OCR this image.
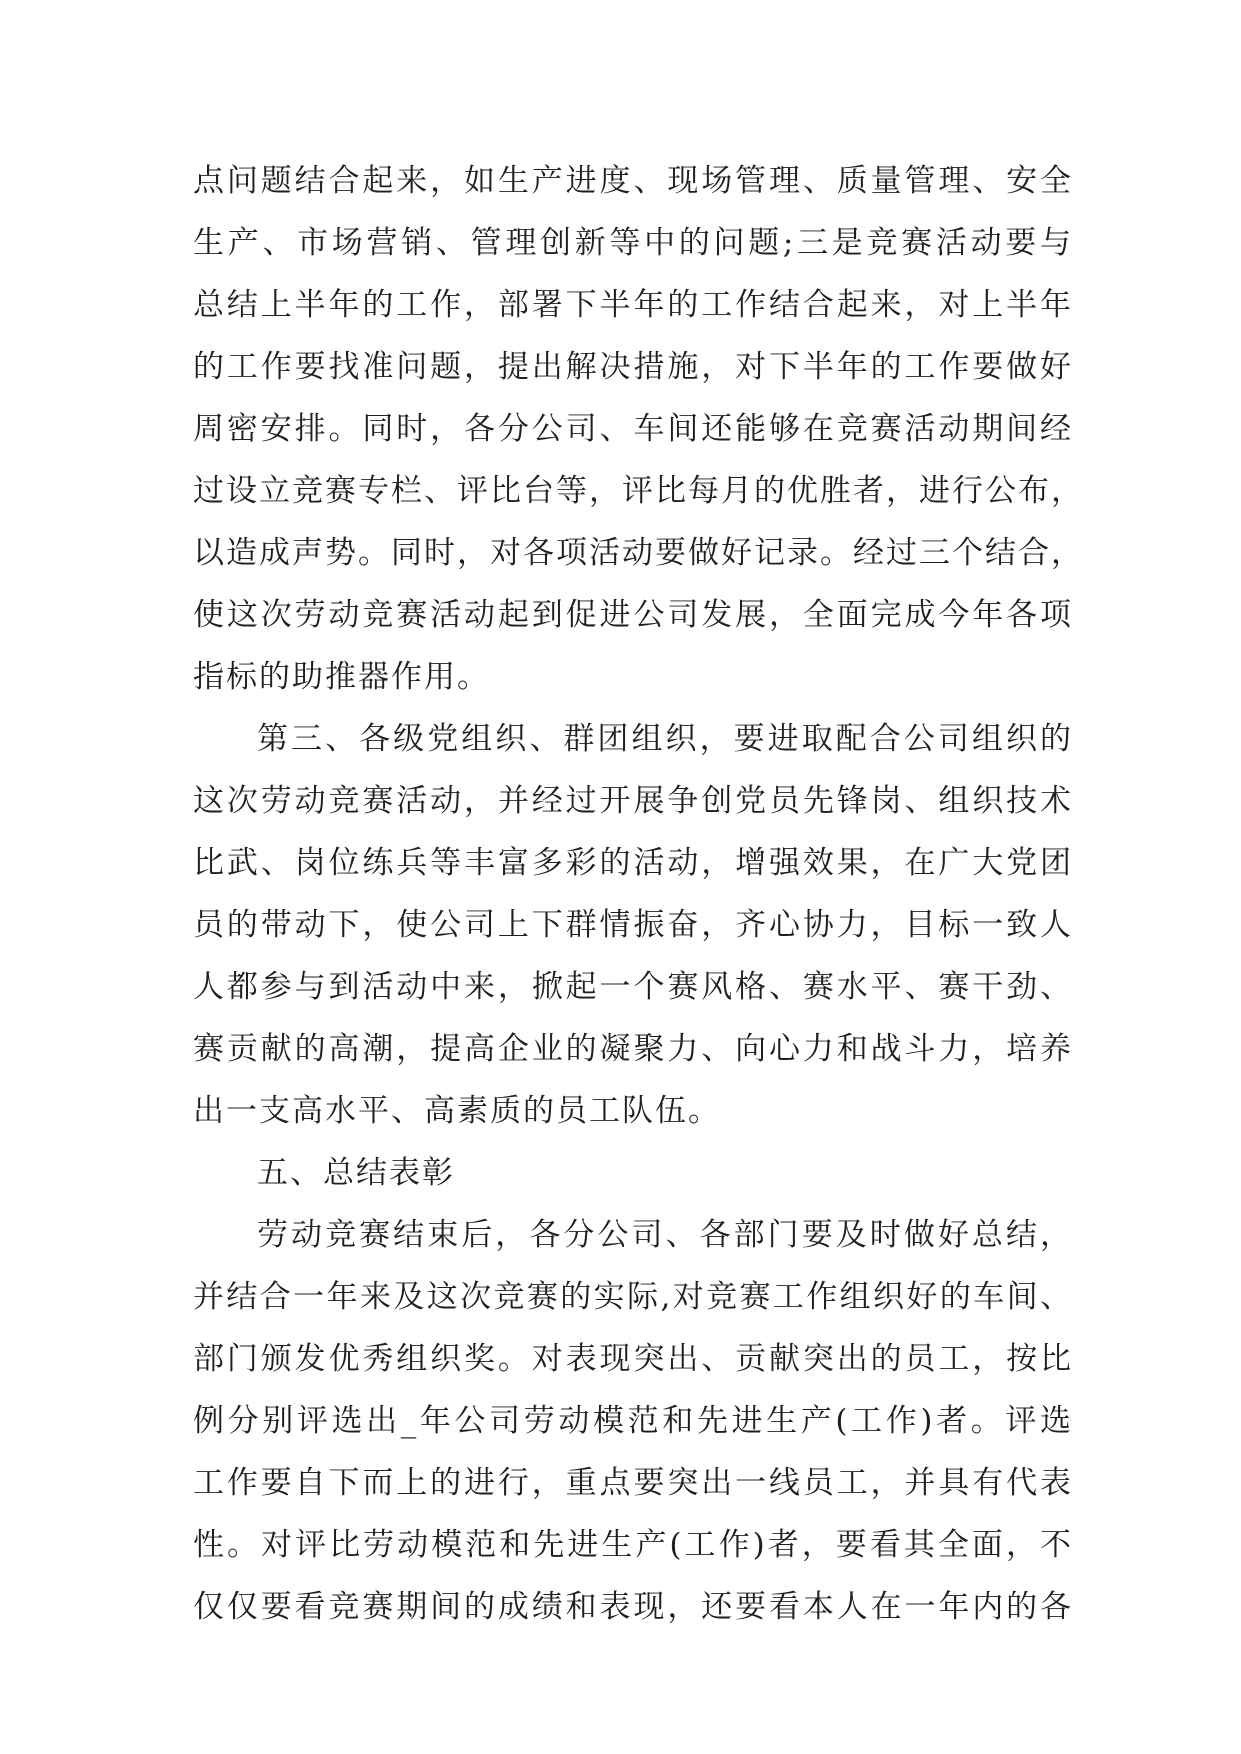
点问题结合起来，如生产进度、现场管理、质量管理、安全
生产、市场营销、管理创新等中的问题;三是竞赛活动要与
总结上半年的工作，部署下半年的工作结合起来，对上半年
的工作要找准问题，提出解决措施，对下半年的工作要做好
周密安排。同时，各分公司、车间还能够在竞赛活动期间经
过设立竞赛专栏、评比台等，评比每月的优胜者，进行公布，
以造成声势。同时，对各项活动要做好记录。经过三个结合，
使这次劳动竞赛活动起到促进公司发展，全面完成今年各项
指标的助推器作用。
第三、各级党组织、群团组织，要进取配合公司组织的
这次劳动竞赛活动，并经过开展争创党员先锋岗、组织技术
比武、岗位练兵等丰富多彩的活动，增强效果，在广大党团
员的带动下，使公司上下群情振奋，齐心协力，目标一致人
人都参与到活动中来，掀起一个赛风格、赛水平、赛干劲、
赛贡献的高潮，提高企业的凝聚力、向心力和战斗力，培养
出一支高水平、高素质的员工队伍。
五、总结表彰
劳动竞赛结束后，各分公司、各部门要及时做好总结，
并结合一年来及这次竞赛的实际,对竞赛工作组织好的车间、
部门颁发优秀组织奖。对表现突出、贡献突出的员工，按比
例分别评选出_年公司劳动模范和先进生产(工作)者。评选
工作要自下而上的进行，重点要突出一线员工，并具有代表
性。对评比劳动模范和先进生产(工作)者，要看其全面，不
仅仅要看竞赛期间的成绩和表现，还要看本人在一年内的各
